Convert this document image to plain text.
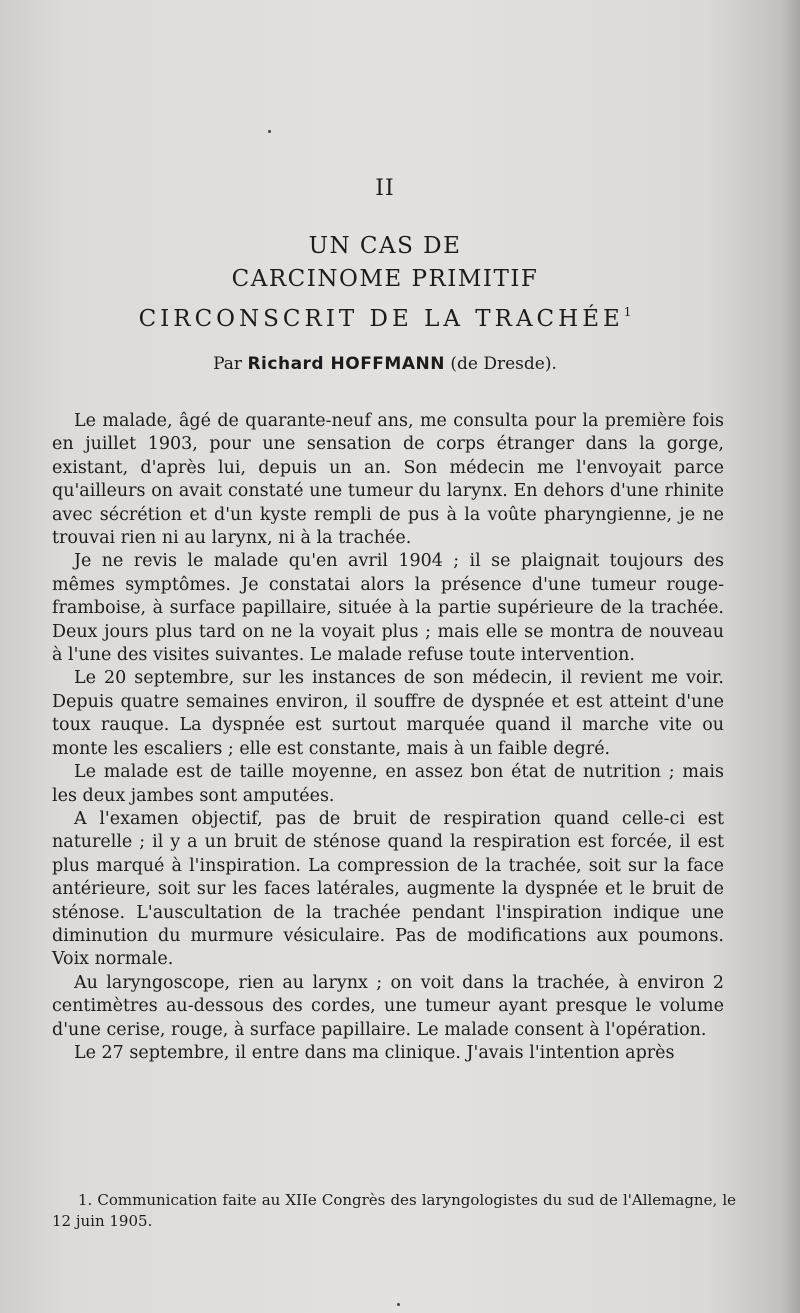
II
UN CAS DE
CARCINOME PRIMITIF
CIRCONSCRIT DE LA TRACHÉE$^1$
Par Richard HOFFMANN (de Dresde).

Le malade, âgé de quarante-neuf ans, me consulta pour la première fois en juillet 1903, pour une sensation de corps étranger dans la gorge, existant, d'après lui, depuis un an. Son médecin me l'envoyait parce qu'ailleurs on avait constaté une tumeur du larynx. En dehors d'une rhinite avec sécrétion et d'un kyste rempli de pus à la voûte pharyngienne, je ne trouvai rien ni au larynx, ni à la trachée.

Je ne revis le malade qu'en avril 1904 ; il se plaignait toujours des mêmes symptômes. Je constatai alors la présence d'une tumeur rouge-framboise, à surface papillaire, située à la partie supérieure de la trachée. Deux jours plus tard on ne la voyait plus ; mais elle se montra de nouveau à l'une des visites suivantes. Le malade refuse toute intervention.

Le 20 septembre, sur les instances de son médecin, il revient me voir. Depuis quatre semaines environ, il souffre de dyspnée et est atteint d'une toux rauque. La dyspnée est surtout marquée quand il marche vite ou monte les escaliers ; elle est constante, mais à un faible degré.

Le malade est de taille moyenne, en assez bon état de nutrition ; mais les deux jambes sont amputées.

A l'examen objectif, pas de bruit de respiration quand celle-ci est naturelle ; il y a un bruit de sténose quand la respiration est forcée, il est plus marqué à l'inspiration. La compression de la trachée, soit sur la face antérieure, soit sur les faces latérales, augmente la dyspnée et le bruit de sténose. L'auscultation de la trachée pendant l'inspiration indique une diminution du murmure vésiculaire. Pas de modifications aux poumons. Voix normale.

Au laryngoscope, rien au larynx ; on voit dans la trachée, à environ 2 centimètres au-dessous des cordes, une tumeur ayant presque le volume d'une cerise, rouge, à surface papillaire. Le malade consent à l'opération.

Le 27 septembre, il entre dans ma clinique. J'avais l'intention après

1. Communication faite au XIIe Congrès des laryngologistes du sud de l'Allemagne, le 12 juin 1905.
